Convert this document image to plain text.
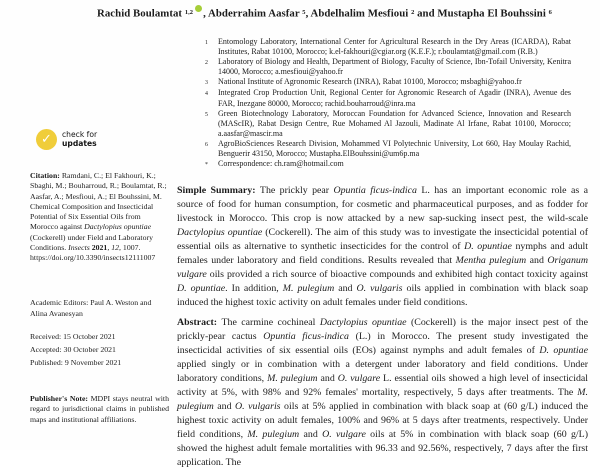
Rachid Boulamtat $^{1,2}$ , Abderrahim Aasfar $^5$, Abdelhalim Mesfioui $^2$ and Mustapha El Bouhssini $^6$
1	Entomology Laboratory, International Center for Agricultural Research in the Dry Areas (ICARDA), Rabat Institutes, Rabat 10100, Morocco; k.el-fakhouri@cgiar.org (K.E.F.); r.boulamtat@gmail.com (R.B.)
2	Laboratory of Biology and Health, Department of Biology, Faculty of Science, Ibn-Tofail University, Kenitra 14000, Morocco; a.mesfioui@yahoo.fr
3	National Institute of Agronomic Research (INRA), Rabat 10100, Morocco; msbaghi@yahoo.fr
4	Integrated Crop Production Unit, Regional Center for Agronomic Research of Agadir (INRA), Avenue des FAR, Inezgane 80000, Morocco; rachid.bouharroud@inra.ma
5	Green Biotechnology Laboratory, Moroccan Foundation for Advanced Science, Innovation and Research (MAScIR), Rabat Design Centre, Rue Mohamed Al Jazouli, Madinate Al Irfane, Rabat 10100, Morocco; a.aasfar@mascir.ma
6	AgroBioSciences Research Division, Mohammed VI Polytechnic University, Lot 660, Hay Moulay Rachid, Benguerir 43150, Morocco; Mustapha.ElBouhssini@um6p.ma
*	Correspondence: ch.ram@hotmail.com
✓	check for
updates
Citation: Ramdani, C.; El Fakhouri, K.; Sbaghi, M.; Bouharroud, R.; Boulamtat, R.; Aasfar, A.; Mesfioui, A.; El Bouhssini, M. Chemical Composition and Insecticidal Potential of Six Essential Oils from Morocco against Dactylopius opuntiae (Cockerell) under Field and Laboratory Conditions. Insects 2021, 12, 1007. https://doi.org/10.3390/insects12111007
Academic Editors: Paul A. Weston and Alina Avanesyan
Received: 15 October 2021
Accepted: 30 October 2021
Published: 9 November 2021
Publisher's Note: MDPI stays neutral with regard to jurisdictional claims in published maps and institutional affiliations.
Simple Summary: The prickly pear Opuntia ficus-indica L. has an important economic role as a source of food for human consumption, for cosmetic and pharmaceutical purposes, and as fodder for livestock in Morocco. This crop is now attacked by a new sap-sucking insect pest, the wild-scale Dactylopius opuntiae (Cockerell). The aim of this study was to investigate the insecticidal potential of essential oils as alternative to synthetic insecticides for the control of D. opuntiae nymphs and adult females under laboratory and field conditions. Results revealed that Mentha pulegium and Origanum vulgare oils provided a rich source of bioactive compounds and exhibited high contact toxicity against D. opuntiae. In addition, M. pulegium and O. vulgaris oils applied in combination with black soap induced the highest toxic activity on adult females under field conditions.
Abstract: The carmine cochineal Dactylopius opuntiae (Cockerell) is the major insect pest of the prickly-pear cactus Opuntia ficus-indica (L.) in Morocco. The present study investigated the insecticidal activities of six essential oils (EOs) against nymphs and adult females of D. opuntiae applied singly or in combination with a detergent under laboratory and field conditions. Under laboratory conditions, M. pulegium and O. vulgare L. essential oils showed a high level of insecticidal activity at 5%, with 98% and 92% females' mortality, respectively, 5 days after treatments. The M. pulegium and O. vulgaris oils at 5% applied in combination with black soap at (60 g/L) induced the highest toxic activity on adult females, 100% and 96% at 5 days after treatments, respectively. Under field conditions, M. pulegium and O. vulgare oils at 5% in combination with black soap (60 g/L) showed the highest adult female mortalities with 96.33 and 92.56%, respectively, 7 days after the first application. The
